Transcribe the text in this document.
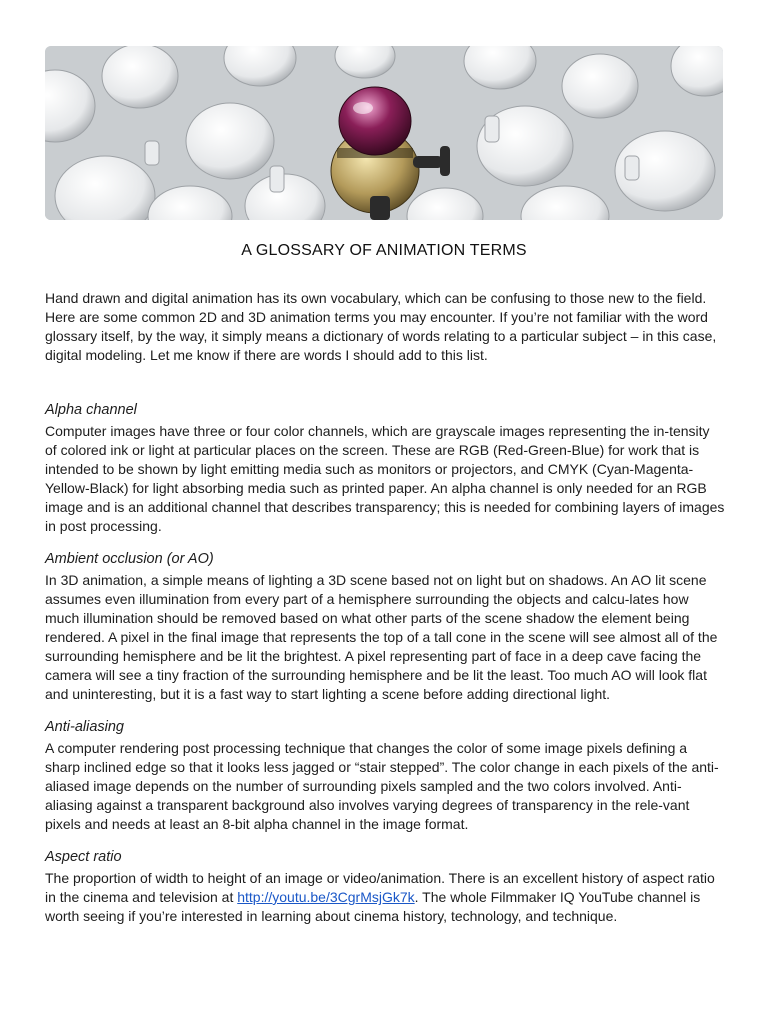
A GLOSSARY OF ANIMATION TERMS

Hand drawn and digital animation has its own vocabulary, which can be confusing to those new to the field. Here are some common 2D and 3D animation terms you may encounter. If you’re not familiar with the word glossary itself, by the way, it simply means a dictionary of words relating to a particular subject – in this case, digital modeling. Let me know if there are words I should add to this list.

Alpha channel

Computer images have three or four color channels, which are grayscale images representing the in-tensity of colored ink or light at particular places on the screen. These are RGB (Red-Green-Blue) for work that is intended to be shown by light emitting media such as monitors or projectors, and CMYK (Cyan-Magenta-Yellow-Black) for light absorbing media such as printed paper. An alpha channel is only needed for an RGB image and is an additional channel that describes transparency; this is needed for combining layers of images in post processing.

Ambient occlusion (or AO)

In 3D animation, a simple means of lighting a 3D scene based not on light but on shadows. An AO lit scene assumes even illumination from every part of a hemisphere surrounding the objects and calcu-lates how much illumination should be removed based on what other parts of the scene shadow the element being rendered. A pixel in the final image that represents the top of a tall cone in the scene will see almost all of the surrounding hemisphere and be lit the brightest. A pixel representing part of face in a deep cave facing the camera will see a tiny fraction of the surrounding hemisphere and be lit the least. Too much AO will look flat and uninteresting, but it is a fast way to start lighting a scene before adding directional light.

Anti-aliasing

A computer rendering post processing technique that changes the color of some image pixels defining a sharp inclined edge so that it looks less jagged or “stair stepped”. The color change in each pixels of the anti-aliased image depends on the number of surrounding pixels sampled and the two colors involved. Anti-aliasing against a transparent background also involves varying degrees of transparency in the rele-vant pixels and needs at least an 8-bit alpha channel in the image format.

Aspect ratio

The proportion of width to height of an image or video/animation. There is an excellent history of aspect ratio in the cinema and television at http://youtu.be/3CgrMsjGk7k. The whole Filmmaker IQ YouTube channel is worth seeing if you’re interested in learning about cinema history, technology, and technique.
